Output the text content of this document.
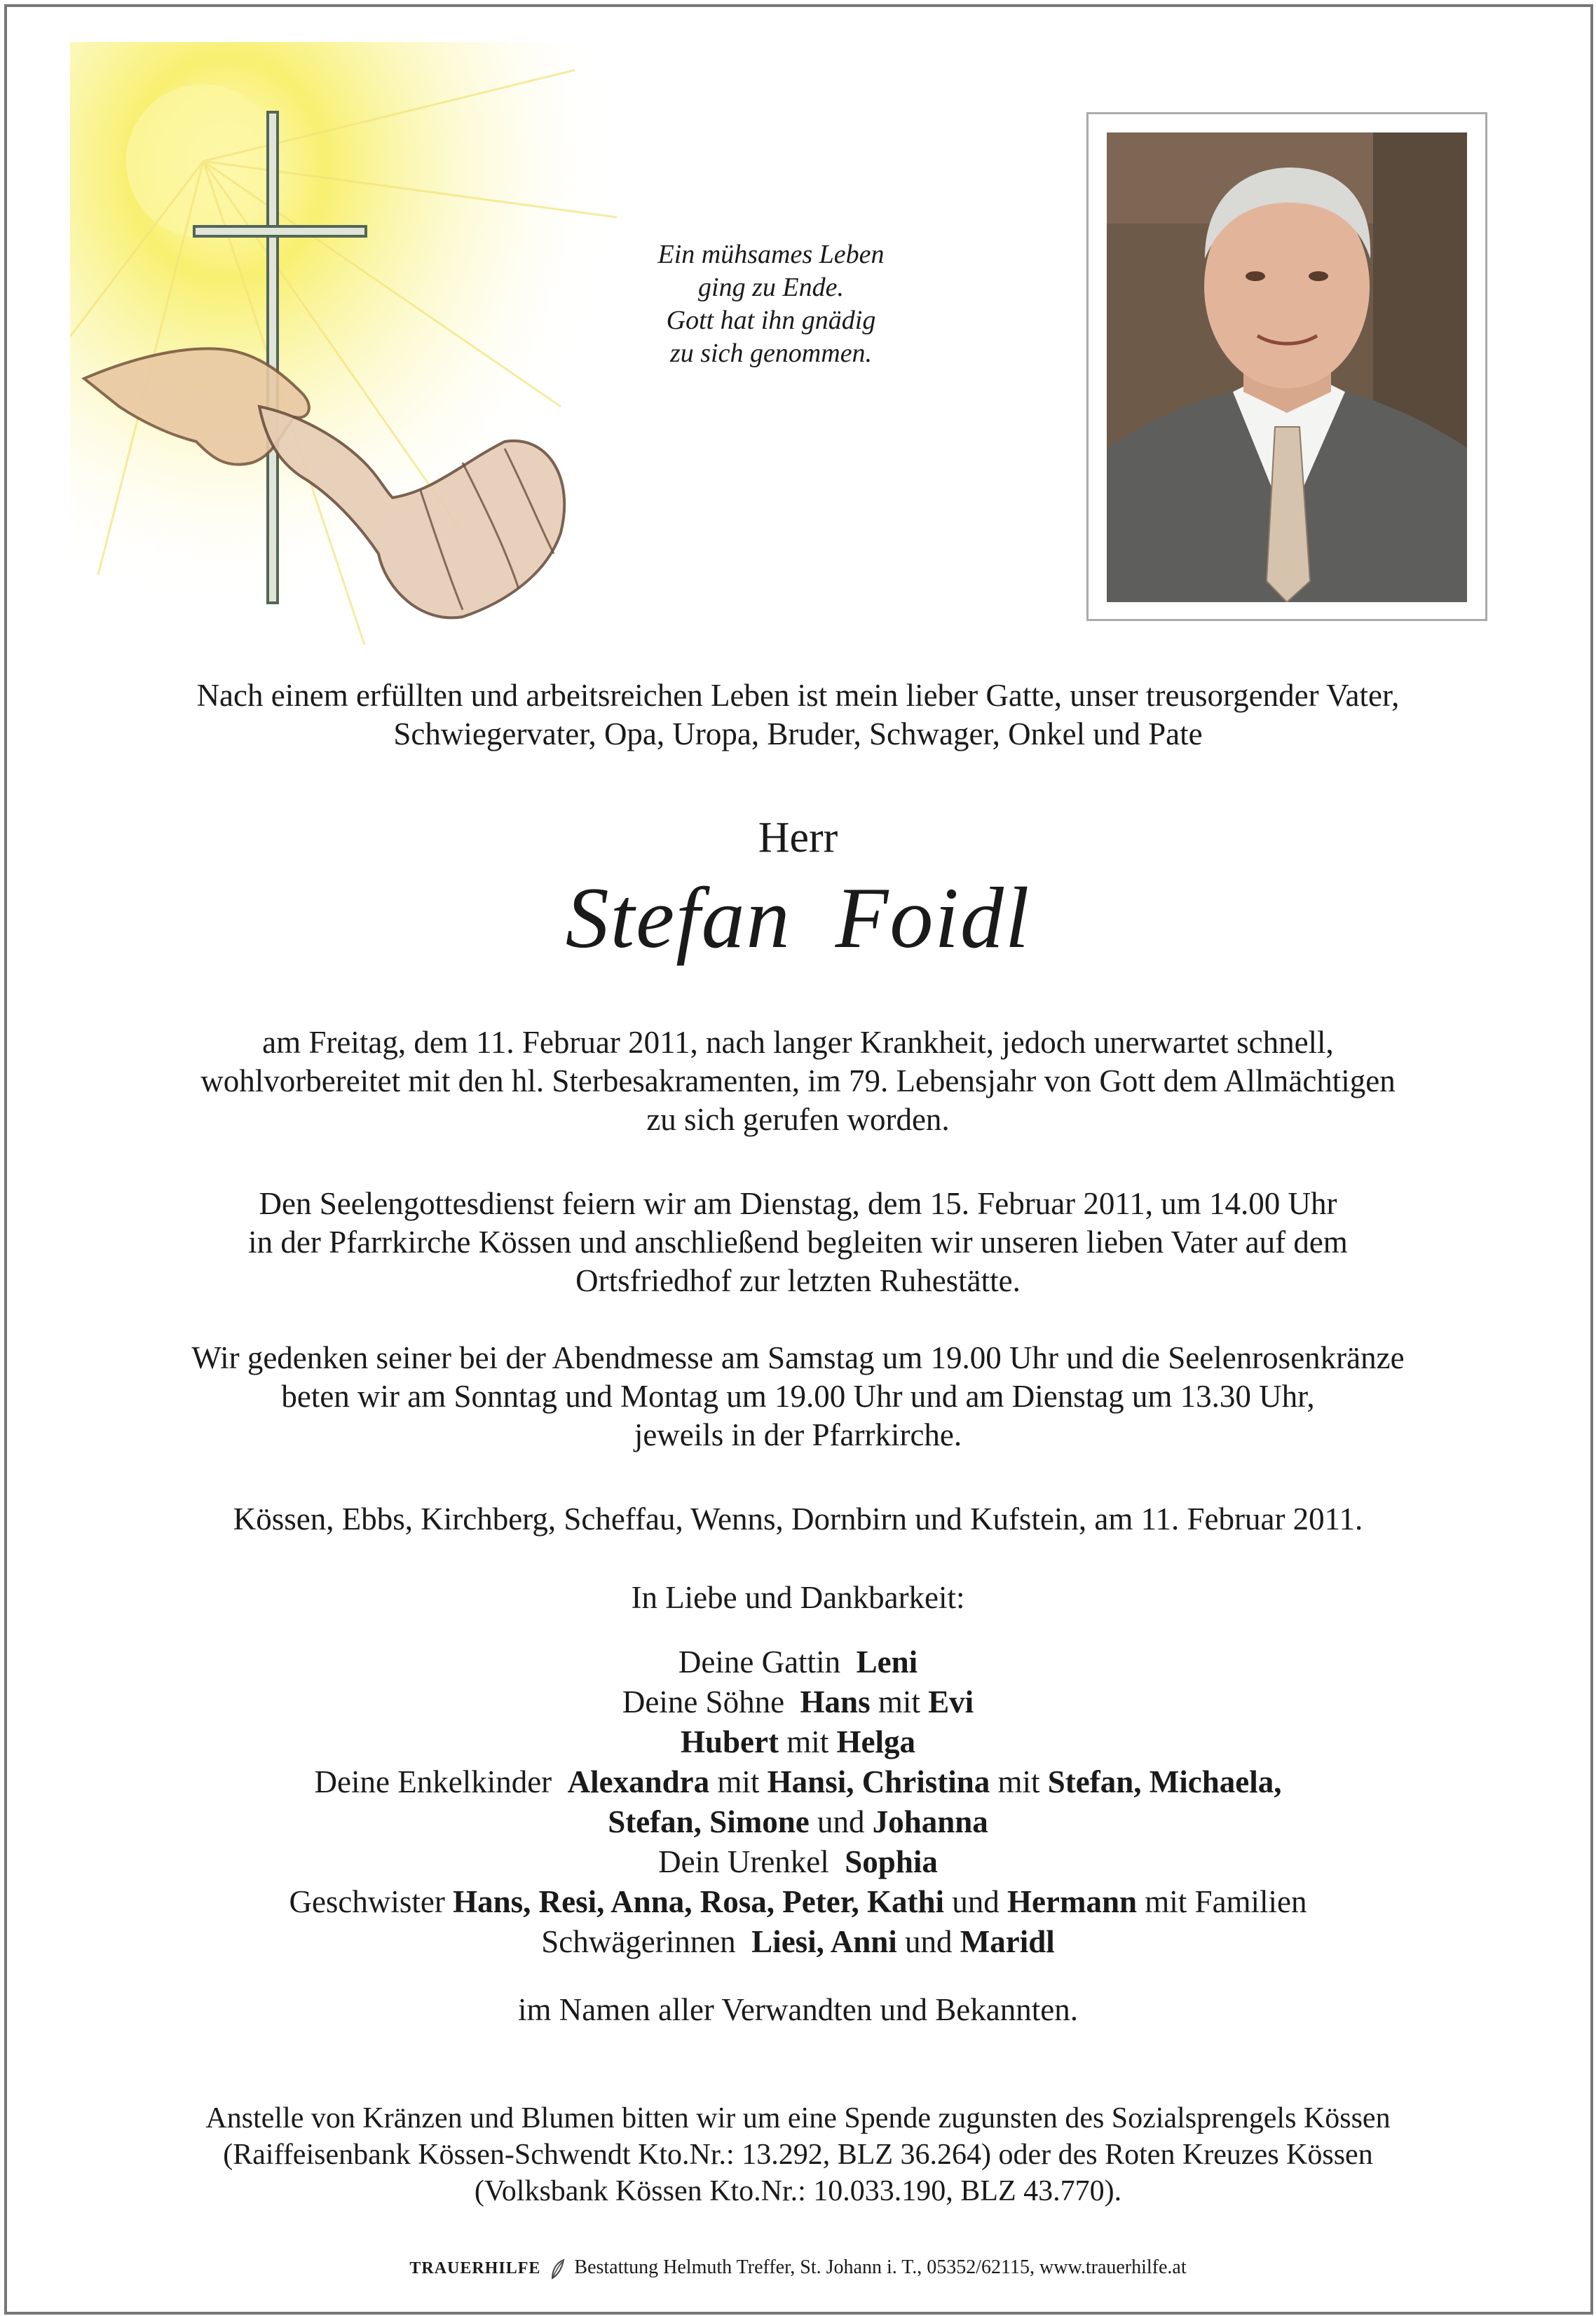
Ein mühsames Leben
ging zu Ende.
Gott hat ihn gnädig
zu sich genommen.

Nach einem erfüllten und arbeitsreichen Leben ist mein lieber Gatte, unser treusorgender Vater,

Schwiegervater, Opa, Uropa, Bruder, Schwager, Onkel und Pate

Herr
Stefan Foidl

am Freitag, dem 11. Februar 2011, nach langer Krankheit, jedoch unerwartet schnell,

wohlvorbereitet mit den hl. Sterbesakramenten, im 79. Lebensjahr von Gott dem Allmächtigen

zu sich gerufen worden.

Den Seelengottesdienst feiern wir am Dienstag, dem 15. Februar 2011, um 14.00 Uhr

in der Pfarrkirche Kössen und anschließend begleiten wir unseren lieben Vater auf dem

Ortsfriedhof zur letzten Ruhestätte.

Wir gedenken seiner bei der Abendmesse am Samstag um 19.00 Uhr und die Seelenrosenkränze

beten wir am Sonntag und Montag um 19.00 Uhr und am Dienstag um 13.30 Uhr,

jeweils in der Pfarrkirche.

Kössen, Ebbs, Kirchberg, Scheffau, Wenns, Dornbirn und Kufstein, am 11. Februar 2011.
In Liebe und Dankbarkeit:

Deine Gattin Leni

Deine Söhne Hans mit Evi

Hubert mit Helga

Deine Enkelkinder Alexandra mit Hansi, Christina mit Stefan, Michaela,

Stefan, Simone und Johanna

Dein Urenkel Sophia

Geschwister Hans, Resi, Anna, Rosa, Peter, Kathi und Hermann mit Familien

Schwägerinnen Liesi, Anni und Maridl

im Namen aller Verwandten und Bekannten.

Anstelle von Kränzen und Blumen bitten wir um eine Spende zugunsten des Sozialsprengels Kössen

(Raiffeisenbank Kössen-Schwendt Kto.Nr.: 13.292, BLZ 36.264) oder des Roten Kreuzes Kössen

(Volksbank Kössen Kto.Nr.: 10.033.190, BLZ 43.770).

TRAUERHILFE Bestattung Helmuth Treffer, St. Johann i. T., 05352/62115, www.trauerhilfe.at
